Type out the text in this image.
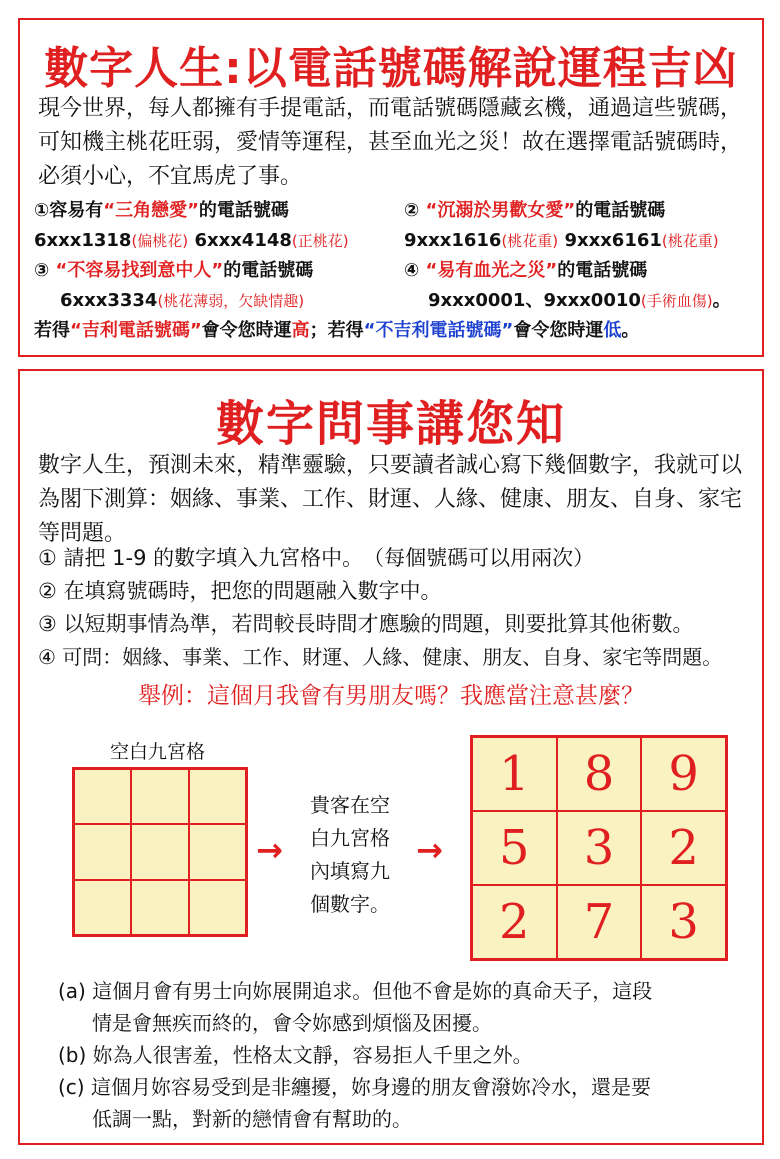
數字人生:以電話號碼解說運程吉凶
現今世界，每人都擁有手提電話，而電話號碼隱藏玄機，通過這些號碼，可知機主桃花旺弱，愛情等運程，甚至血光之災！故在選擇電話號碼時，必須小心，不宜馬虎了事。
①容易有“三角戀愛”的電話號碼
6xxx1318(偏桃花) 6xxx4148(正桃花)
② “沉溺於男歡女愛”的電話號碼
9xxx1616(桃花重) 9xxx6161(桃花重)
③ “不容易找到意中人”的電話號碼
6xxx3334(桃花薄弱，欠缺情趣)
④ “易有血光之災”的電話號碼
9xxx0001、9xxx0010(手術血傷)。
若得“吉利電話號碼”會令您時運高；若得“不吉利電話號碼”會令您時運低。
數字問事講您知
數字人生，預測未來，精準靈驗，只要讀者誠心寫下幾個數字，我就可以為閣下測算：姻緣、事業、工作、財運、人緣、健康、朋友、自身、家宅等問題。
① 請把 1-9 的數字填入九宮格中。　（每個號碼可以用兩次）
② 在填寫號碼時，把您的問題融入數字中。
③ 以短期事情為準，若問較長時間才應驗的問題，則要批算其他術數。
④ 可問：姻緣、事業、工作、財運、人緣、健康、朋友、自身、家宅等問題。
舉例：這個月我會有男朋友嗎？我應當注意甚麼？
空白九宮格
→
貴客在空
白九宮格
內填寫九
個數字。
→
1	8	9
5	3	2
2	7	3
(a) 這個月會有男士向妳展開追求。但他不會是妳的真命天子，這段
情是會無疾而終的，會令妳感到煩惱及困擾。
(b) 妳為人很害羞，性格太文靜，容易拒人千里之外。
(c) 這個月妳容易受到是非纏擾，妳身邊的朋友會潑妳冷水，還是要
低調一點，對新的戀情會有幫助的。
